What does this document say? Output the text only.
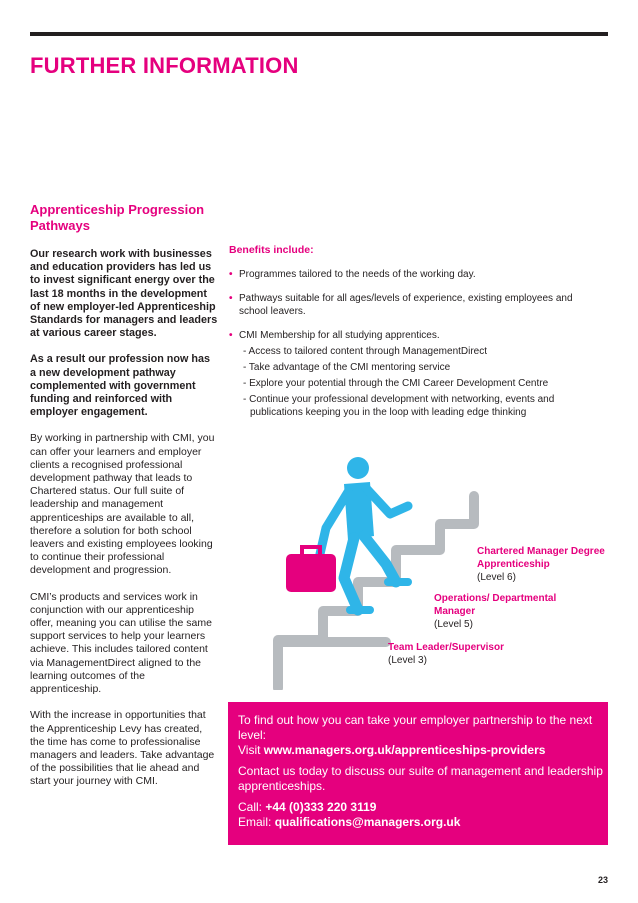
FURTHER INFORMATION
Apprenticeship Progression Pathways

Our research work with businesses and education providers has led us to invest significant energy over the last 18 months in the development of new employer-led Apprenticeship Standards for managers and leaders at various career stages.

As a result our profession now has a new development pathway complemented with government funding and reinforced with employer engagement.

By working in partnership with CMI, you can offer your learners and employer clients a recognised professional development pathway that leads to Chartered status. Our full suite of leadership and management apprenticeships are available to all, therefore a solution for both school leavers and existing employees looking to continue their professional development and progression.

CMI’s products and services work in conjunction with our apprenticeship offer, meaning you can utilise the same support services to help your learners achieve. This includes tailored content via ManagementDirect aligned to the learning outcomes of the apprenticeship.

With the increase in opportunities that the Apprenticeship Levy has created, the time has come to professionalise managers and leaders. Take advantage of the possibilities that lie ahead and start your journey with CMI.

Benefits include:

• Programmes tailored to the needs of the working day.
• Pathways suitable for all ages/levels of experience, existing employees and school leavers.
• CMI Membership for all studying apprentices.

- Access to tailored content through ManagementDirect

- Take advantage of the CMI mentoring service

- Explore your potential through the CMI Career Development Centre

- Continue your professional development with networking, events and publications keeping you in the loop with leading edge thinking

Chartered Manager Degree Apprenticeship
(Level 6)
Operations/ Departmental Manager
(Level 5)
Team Leader/Supervisor
(Level 3)

To find out how you can take your employer partnership to the next level:
Visit www.managers.org.uk/apprenticeships-providers

Contact us today to discuss our suite of management and leadership apprenticeships.

Call: +44 (0)333 220 3119
Email: qualifications@managers.org.uk

23
